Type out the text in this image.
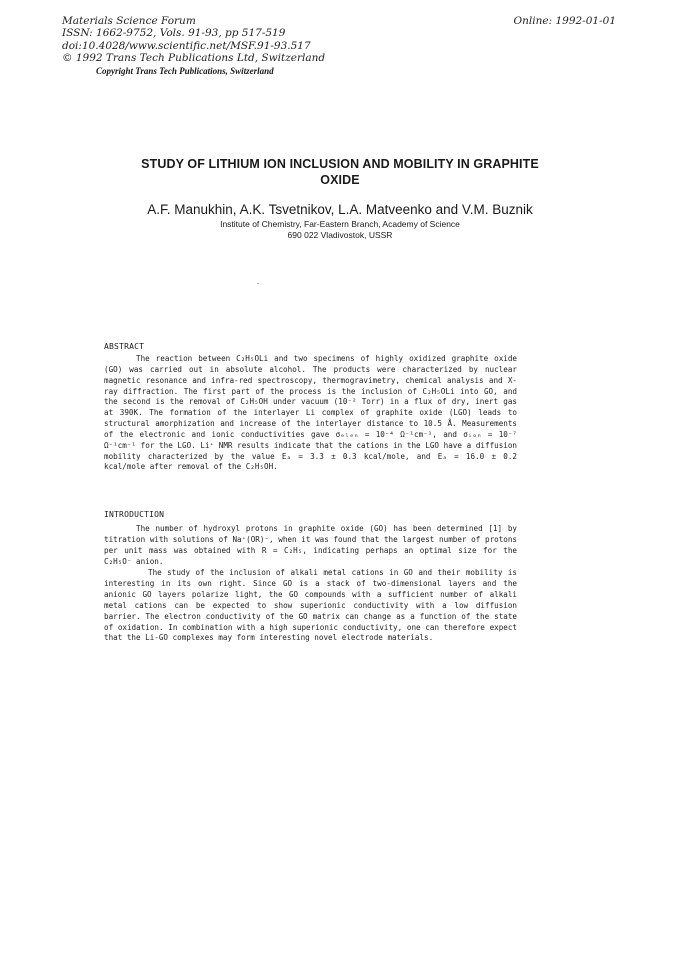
Materials Science Forum
ISSN: 1662-9752, Vols. 91-93, pp 517-519
doi:10.4028/www.scientific.net/MSF.91-93.517
© 1992 Trans Tech Publications Ltd, Switzerland
Online: 1992-01-01
Copyright Trans Tech Publications, Switzerland
STUDY OF LITHIUM ION INCLUSION AND MOBILITY IN GRAPHITE
OXIDE
A.F. Manukhin, A.K. Tsvetnikov, L.A. Matveenko and V.M. Buznik
Institute of Chemistry, Far-Eastern Branch, Academy of Science
690 022 Vladivostok, USSR
ABSTRACT

The reaction between C₂H₅OLi and two specimens of highly oxidized graphite oxide (GO) was carried out in absolute alcohol. The products were characterized by nuclear magnetic resonance and infra-red spectroscopy, thermogravimetry, chemical analysis and X-ray diffraction. The first part of the process is the inclusion of C₂H₅OLi into GO, and the second is the removal of C₂H₅OH under vacuum (10⁻² Torr) in a flux of dry, inert gas at 390K. The formation of the interlayer Li complex of graphite oxide (LGO) leads to structural amorphization and increase of the interlayer distance to 10.5 Å. Measurements of the electronic and ionic conductivities gave σₑₗₑₙ = 10⁻⁴ Ω⁻¹cm⁻¹, and σᵢₒₙ = 10⁻⁷ Ω⁻¹cm⁻¹ for the LGO. Li⁺ NMR results indicate that the cations in the LGO have a diffusion mobility characterized by the value Eₐ = 3.3 ± 0.3 kcal/mole, and Eₐ = 16.0 ± 0.2 kcal/mole after removal of the C₂H₅OH.

INTRODUCTION

The number of hydroxyl protons in graphite oxide (GO) has been determined [1] by titration with solutions of Na⁺(OR)⁻, when it was found that the largest number of protons per unit mass was obtained with R = C₂H₅, indicating perhaps an optimal size for the C₂H₅O⁻ anion.

The study of the inclusion of alkali metal cations in GO and their mobility is interesting in its own right. Since GO is a stack of two-dimensional layers and the anionic GO layers polarize light, the GO compounds with a sufficient number of alkali metal cations can be expected to show superionic conductivity with a low diffusion barrier. The electron conductivity of the GO matrix can change as a function of the state of oxidation. In combination with a high superionic conductivity, one can therefore expect that the Li-GO complexes may form interesting novel electrode materials.
